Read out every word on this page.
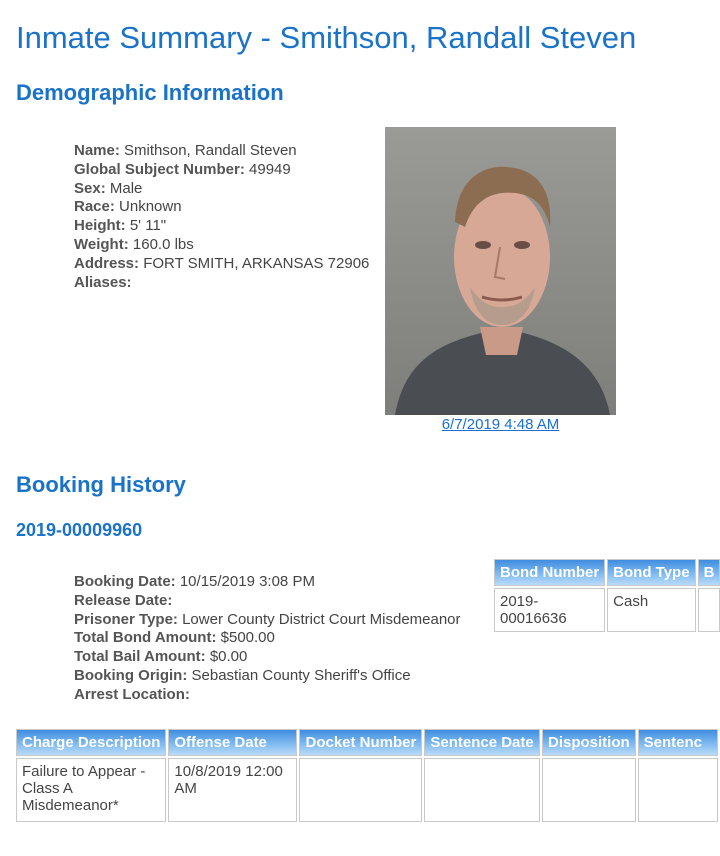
Inmate Summary - Smithson, Randall Steven
Demographic Information
Name: Smithson, Randall Steven
Global Subject Number: 49949
Sex: Male
Race: Unknown
Height: 5' 11"
Weight: 160.0 lbs
Address: FORT SMITH, ARKANSAS 72906
Aliases:
6/7/2019 4:48 AM
Booking History
2019-00009960
Booking Date: 10/15/2019 3:08 PM
Release Date:
Prisoner Type: Lower County District Court Misdemeanor
Total Bond Amount: $500.00
Total Bail Amount: $0.00
Booking Origin: Sebastian County Sheriff's Office
Arrest Location:
Bond Number	Bond Type	B
2019-00016636	Cash	
Charge Description	Offense Date	Docket Number	Sentence Date	Disposition	Sentenc
Failure to Appear - Class A Misdemeanor*	10/8/2019 12:00 AM				
